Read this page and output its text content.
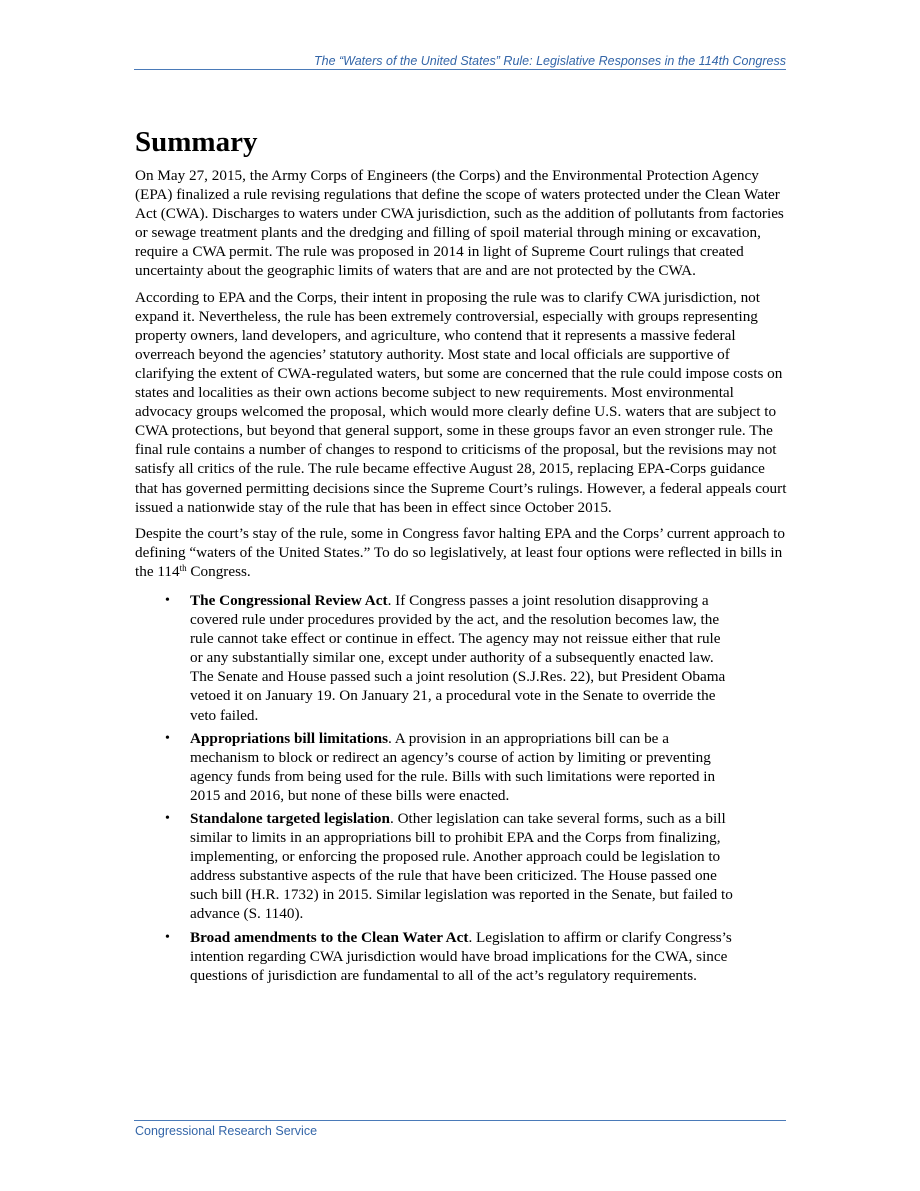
The “Waters of the United States” Rule: Legislative Responses in the 114th Congress
Summary

On May 27, 2015, the Army Corps of Engineers (the Corps) and the Environmental Protection Agency (EPA) finalized a rule revising regulations that define the scope of waters protected under the Clean Water Act (CWA). Discharges to waters under CWA jurisdiction, such as the addition of pollutants from factories or sewage treatment plants and the dredging and filling of spoil material through mining or excavation, require a CWA permit. The rule was proposed in 2014 in light of Supreme Court rulings that created uncertainty about the geographic limits of waters that are and are not protected by the CWA.

According to EPA and the Corps, their intent in proposing the rule was to clarify CWA jurisdiction, not expand it. Nevertheless, the rule has been extremely controversial, especially with groups representing property owners, land developers, and agriculture, who contend that it represents a massive federal overreach beyond the agencies’ statutory authority. Most state and local officials are supportive of clarifying the extent of CWA-regulated waters, but some are concerned that the rule could impose costs on states and localities as their own actions become subject to new requirements. Most environmental advocacy groups welcomed the proposal, which would more clearly define U.S. waters that are subject to CWA protections, but beyond that general support, some in these groups favor an even stronger rule. The final rule contains a number of changes to respond to criticisms of the proposal, but the revisions may not satisfy all critics of the rule. The rule became effective August 28, 2015, replacing EPA-Corps guidance that has governed permitting decisions since the Supreme Court’s rulings. However, a federal appeals court issued a nationwide stay of the rule that has been in effect since October 2015.

Despite the court’s stay of the rule, some in Congress favor halting EPA and the Corps’ current approach to defining “waters of the United States.” To do so legislatively, at least four options were reflected in bills in the 114th Congress.

• The Congressional Review Act. If Congress passes a joint resolution disapproving a covered rule under procedures provided by the act, and the resolution becomes law, the rule cannot take effect or continue in effect. The agency may not reissue either that rule or any substantially similar one, except under authority of a subsequently enacted law. The Senate and House passed such a joint resolution (S.J.Res. 22), but President Obama vetoed it on January 19. On January 21, a procedural vote in the Senate to override the veto failed.
• Appropriations bill limitations. A provision in an appropriations bill can be a mechanism to block or redirect an agency’s course of action by limiting or preventing agency funds from being used for the rule. Bills with such limitations were reported in 2015 and 2016, but none of these bills were enacted.
• Standalone targeted legislation. Other legislation can take several forms, such as a bill similar to limits in an appropriations bill to prohibit EPA and the Corps from finalizing, implementing, or enforcing the proposed rule. Another approach could be legislation to address substantive aspects of the rule that have been criticized. The House passed one such bill (H.R. 1732) in 2015. Similar legislation was reported in the Senate, but failed to advance (S. 1140).
• Broad amendments to the Clean Water Act. Legislation to affirm or clarify Congress’s intention regarding CWA jurisdiction would have broad implications for the CWA, since questions of jurisdiction are fundamental to all of the act’s regulatory requirements.
Congressional Research Service
